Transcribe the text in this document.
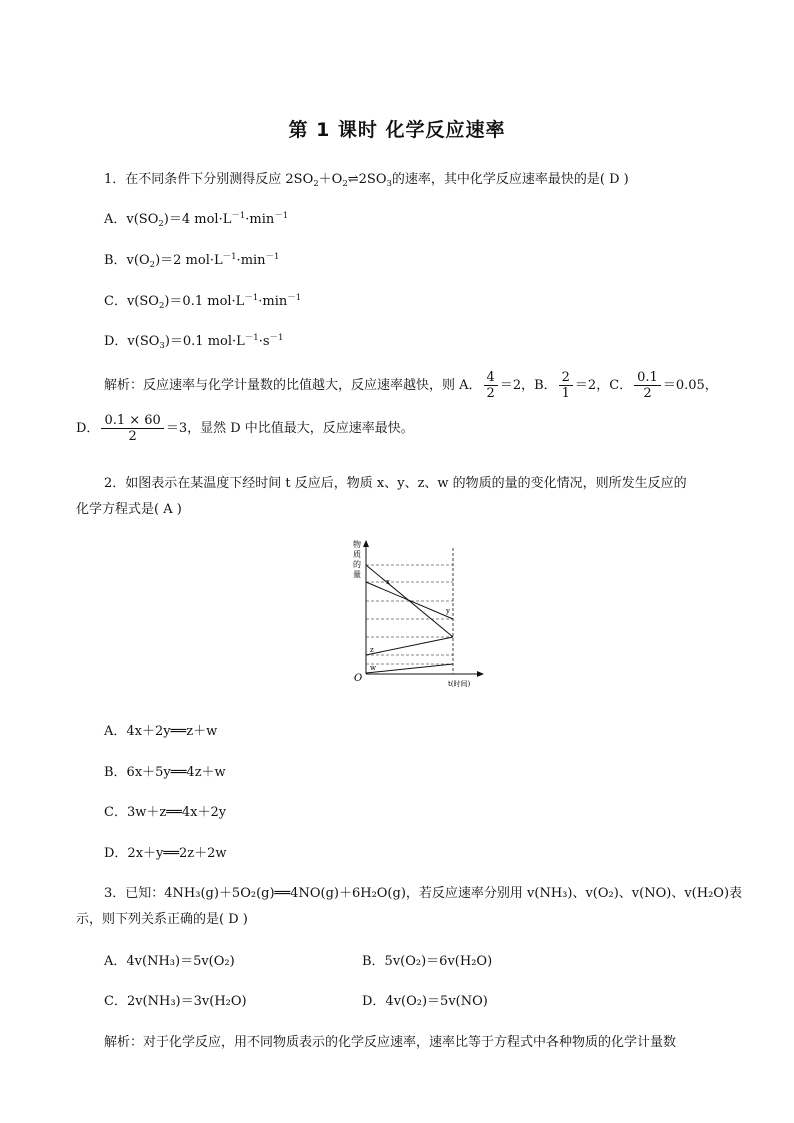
第 1 课时 化学反应速率
1．在不同条件下分别测得反应 $2SO_2+O_2\rightleftharpoons 2SO_3$的速率，其中化学反应速率最快的是( D )
A．$v(SO_2)=4$ $mol\cdot L^{-1}\cdot\min^{-1}$
B．$v(O_2)=2$ $mol\cdot L^{-1}\cdot\min^{-1}$
C．$v(SO_2)=0.1$ $mol\cdot L^{-1}\cdot\min^{-1}$
D．$v(SO_3)=0.1$ $mol\cdot L^{-1}\cdot s^{-1}$
解析：反应速率与化学计量数的比值越大，反应速率越快，则 A． $\frac{4}{2} =2$，B． $\frac{2}{1} =2$，C． $\frac{0.1}{2} =0.05$，
D． $\frac{0.1 \times 60}{2} =3$，显然 D 中比值最大，反应速率最快。
2．如图表示在某温度下经时间 t 反应后，物质 x、y、z、w 的物质的量的变化情况，则所发生反应的
化学方程式是( A )
物
质
的
量
x
y
z
w
O	t(时间)
A．4x＋2y══z＋w
B．6x＋5y══4z＋w
C．3w＋z══4x＋2y
D．2x＋y══2z＋2w
3．已知：4NH₃(g)＋5O₂(g)══4NO(g)＋6H₂O(g)，若反应速率分别用 v(NH₃)、v(O₂)、v(NO)、v(H₂O)表
示，则下列关系正确的是( D )
A．4v(NH₃)＝5v(O₂)	B．5v(O₂)＝6v(H₂O)
C．2v(NH₃)＝3v(H₂O)	D．4v(O₂)＝5v(NO)
解析：对于化学反应，用不同物质表示的化学反应速率，速率比等于方程式中各种物质的化学计量数
